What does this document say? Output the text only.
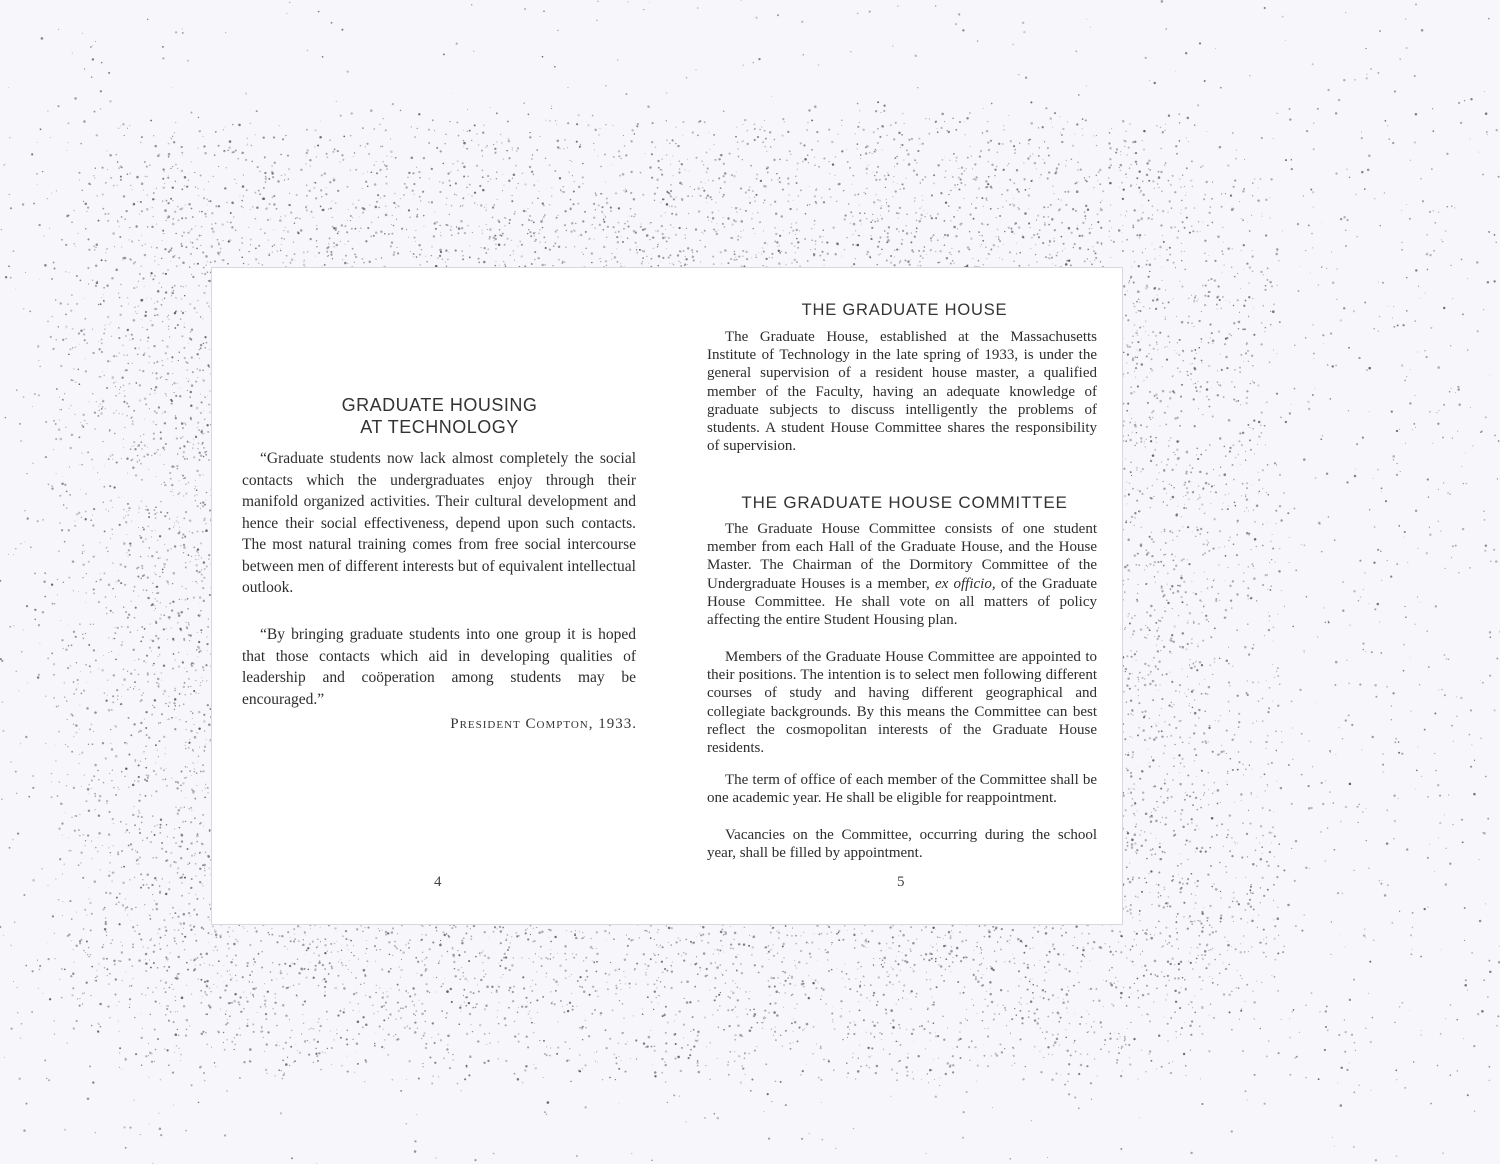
GRADUATE HOUSING
AT TECHNOLOGY

“Graduate students now lack almost completely the social contacts which the undergraduates enjoy through their manifold organized activities. Their cultural development and hence their social effectiveness, depend upon such contacts. The most natural training comes from free social intercourse between men of different interests but of equivalent intellectual outlook.

“By bringing graduate students into one group it is hoped that those contacts which aid in developing qualities of leadership and coöperation among students may be encouraged.”

President Compton, 1933.

4

THE GRADUATE HOUSE

The Graduate House, established at the Massachusetts Institute of Technology in the late spring of 1933, is under the general supervision of a resident house master, a qualified member of the Faculty, having an adequate knowledge of graduate subjects to discuss intelligently the problems of students. A student House Committee shares the responsibility of supervision.

THE GRADUATE HOUSE COMMITTEE

The Graduate House Committee consists of one student member from each Hall of the Graduate House, and the House Master. The Chairman of the Dormitory Committee of the Undergraduate Houses is a member, ex officio, of the Graduate House Committee. He shall vote on all matters of policy affecting the entire Student Housing plan.

Members of the Graduate House Committee are appointed to their positions. The intention is to select men following different courses of study and having different geographical and collegiate backgrounds. By this means the Committee can best reflect the cosmopolitan interests of the Graduate House residents.

The term of office of each member of the Committee shall be one academic year. He shall be eligible for reappointment.

Vacancies on the Committee, occurring during the school year, shall be filled by appointment.

5
